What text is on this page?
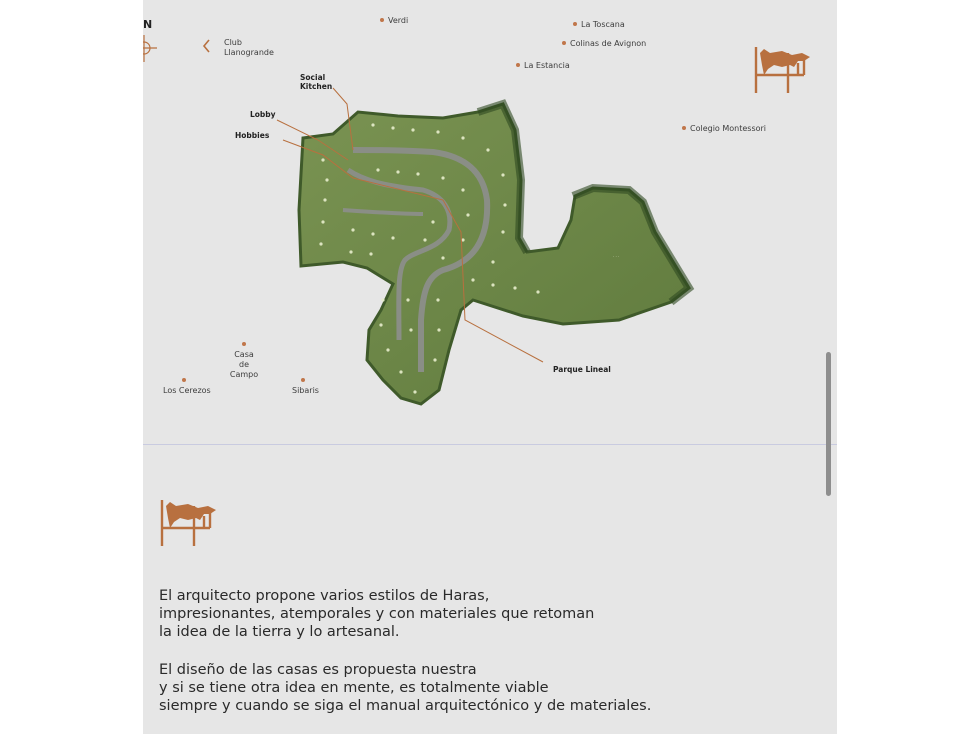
N
Club
Llanogrande
Verdi	La Toscana
Colinas de Avignon
La Estancia
Colegio Montessori
Casa de Campo
Los Cerezos	Sibaris
· · ·
Social
Kitchen
Lobby
Hobbies
Parque Lineal
El arquitecto propone varios estilos de Haras,
impresionantes, atemporales y con materiales que retoman
la idea de la tierra y lo artesanal.
El diseño de las casas es propuesta nuestra
y si se tiene otra idea en mente, es totalmente viable
siempre y cuando se siga el manual arquitectónico y de materiales.
